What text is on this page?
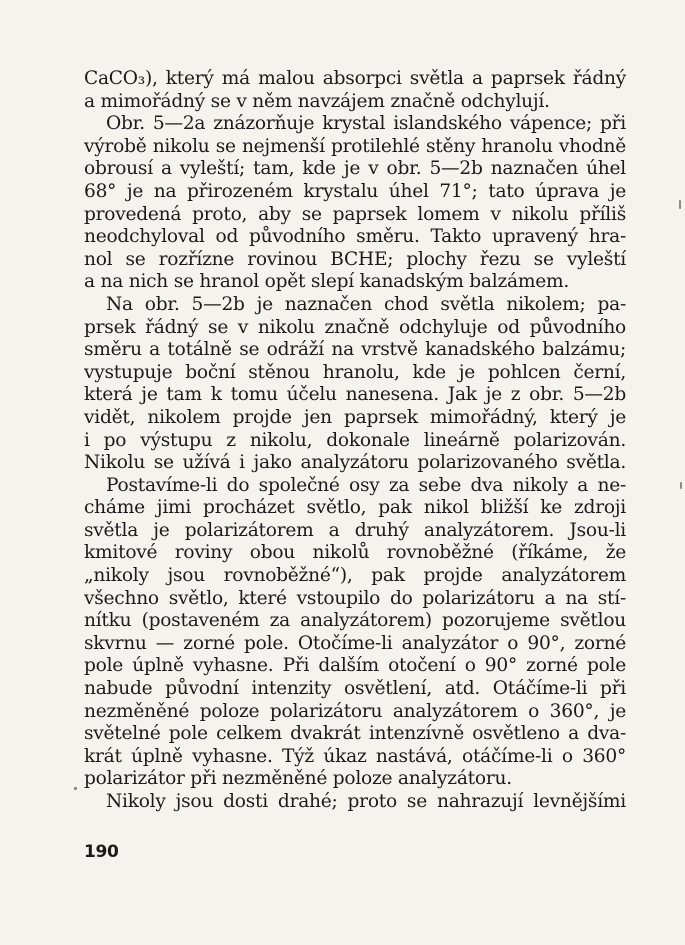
CaCO₃), který má malou absorpci světla a paprsek řádný
a mimořádný se v něm navzájem značně odchylují.
Obr. 5—2a znázorňuje krystal islandského vápence; při
výrobě nikolu se nejmenší protilehlé stěny hranolu vhodně
obrousí a vyleští; tam, kde je v obr. 5—2b naznačen úhel
68° je na přirozeném krystalu úhel 71°; tato úprava je
provedená proto, aby se paprsek lomem v nikolu příliš
neodchyloval od původního směru. Takto upravený hra-
nol se rozřízne rovinou BCHE; plochy řezu se vyleští
a na nich se hranol opět slepí kanadským balzámem.
Na obr. 5—2b je naznačen chod světla nikolem; pa-
prsek řádný se v nikolu značně odchyluje od původního
směru a totálně se odráží na vrstvě kanadského balzámu;
vystupuje boční stěnou hranolu, kde je pohlcen černí,
která je tam k tomu účelu nanesena. Jak je z obr. 5—2b
vidět, nikolem projde jen paprsek mimořádný, který je
i po výstupu z nikolu, dokonale lineárně polarizován.
Nikolu se užívá i jako analyzátoru polarizovaného světla.
Postavíme-li do společné osy za sebe dva nikoly a ne-
cháme jimi procházet světlo, pak nikol bližší ke zdroji
světla je polarizátorem a druhý analyzátorem. Jsou-li
kmitové roviny obou nikolů rovnoběžné (říkáme, že
„nikoly jsou rovnoběžné“), pak projde analyzátorem
všechno světlo, které vstoupilo do polarizátoru a na stí-
nítku (postaveném za analyzátorem) pozorujeme světlou
skvrnu — zorné pole. Otočíme-li analyzátor o 90°, zorné
pole úplně vyhasne. Při dalším otočení o 90° zorné pole
nabude původní intenzity osvětlení, atd. Otáčíme-li při
nezměněné poloze polarizátoru analyzátorem o 360°, je
světelné pole celkem dvakrát intenzívně osvětleno a dva-
krát úplně vyhasne. Týž úkaz nastává, otáčíme-li o 360°
polarizátor při nezměněné poloze analyzátoru.
Nikoly jsou dosti drahé; proto se nahrazují levnějšími
190
